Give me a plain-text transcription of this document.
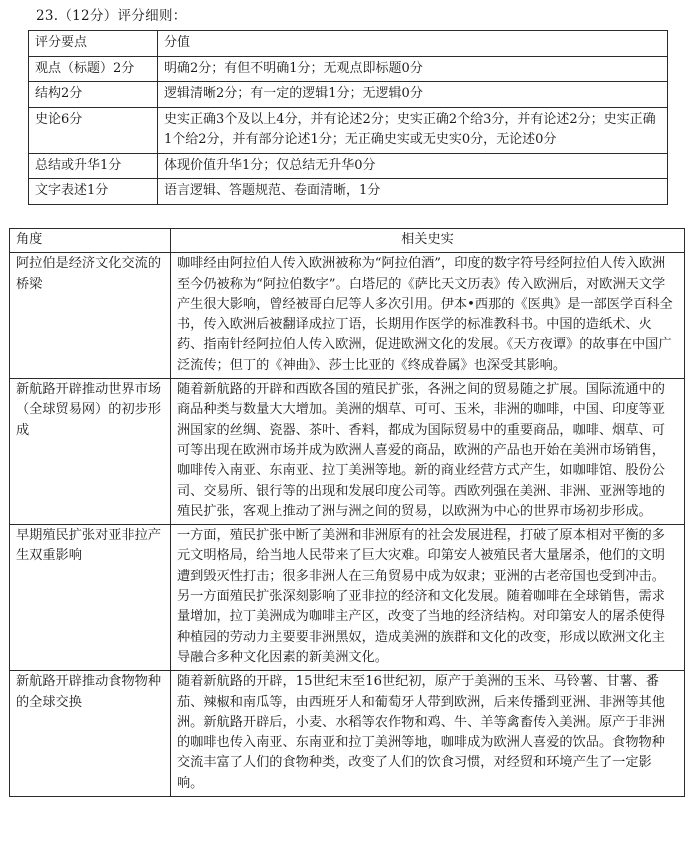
23.（12分）评分细则：
评分要点	分值
观点（标题）2分	明确2分；有但不明确1分；无观点即标题0分
结构2分	逻辑清晰2分；有一定的逻辑1分；无逻辑0分
史论6分	史实正确3个及以上4分，并有论述2分；史实正确2个给3分，并有论述2分；史实正确1个给2分，并有部分论述1分；无正确史实或无史实0分，无论述0分
总结或升华1分	体现价值升华1分；仅总结无升华0分
文字表述1分	语言逻辑、答题规范、卷面清晰，1分
角度	相关史实
阿拉伯是经济文化交流的桥梁	咖啡经由阿拉伯人传入欧洲被称为“阿拉伯酒”，印度的数字符号经阿拉伯人传入欧洲至今仍被称为“阿拉伯数字”。白塔尼的《萨比天文历表》传入欧洲后，对欧洲天文学产生很大影响，曾经被哥白尼等人多次引用。伊本•西那的《医典》是一部医学百科全书，传入欧洲后被翻译成拉丁语，长期用作医学的标准教科书。中国的造纸术、火药、指南针经阿拉伯人传入欧洲，促进欧洲文化的发展。《天方夜谭》的故事在中国广泛流传；但丁的《神曲》、莎士比亚的《终成眷属》也深受其影响。
新航路开辟推动世界市场（全球贸易网）的初步形成	随着新航路的开辟和西欧各国的殖民扩张，各洲之间的贸易随之扩展。国际流通中的商品种类与数量大大增加。美洲的烟草、可可、玉米，非洲的咖啡，中国、印度等亚洲国家的丝绸、瓷器、茶叶、香料，都成为国际贸易中的重要商品，咖啡、烟草、可可等出现在欧洲市场并成为欧洲人喜爱的商品，欧洲的产品也开始在美洲市场销售，咖啡传入南亚、东南亚、拉丁美洲等地。新的商业经营方式产生，如咖啡馆、股份公司、交易所、银行等的出现和发展印度公司等。西欧列强在美洲、非洲、亚洲等地的殖民扩张，客观上推动了洲与洲之间的贸易，以欧洲为中心的世界市场初步形成。
早期殖民扩张对亚非拉产生双重影响	一方面，殖民扩张中断了美洲和非洲原有的社会发展进程，打破了原本相对平衡的多元文明格局，给当地人民带来了巨大灾难。印第安人被殖民者大量屠杀，他们的文明遭到毁灭性打击；很多非洲人在三角贸易中成为奴隶；亚洲的古老帝国也受到冲击。另一方面殖民扩张深刻影响了亚非拉的经济和文化发展。随着咖啡在全球销售，需求量增加，拉丁美洲成为咖啡主产区，改变了当地的经济结构。对印第安人的屠杀使得种植园的劳动力主要要非洲黑奴，造成美洲的族群和文化的改变，形成以欧洲文化主导融合多种文化因素的新美洲文化。
新航路开辟推动食物物种的全球交换	随着新航路的开辟，15世纪末至16世纪初，原产于美洲的玉米、马铃薯、甘薯、番茄、辣椒和南瓜等，由西班牙人和葡萄牙人带到欧洲，后来传播到亚洲、非洲等其他洲。新航路开辟后，小麦、水稻等农作物和鸡、牛、羊等禽畜传入美洲。原产于非洲的咖啡也传入南亚、东南亚和拉丁美洲等地，咖啡成为欧洲人喜爱的饮品。食物物种交流丰富了人们的食物种类，改变了人们的饮食习惯，对经贸和环境产生了一定影响。
